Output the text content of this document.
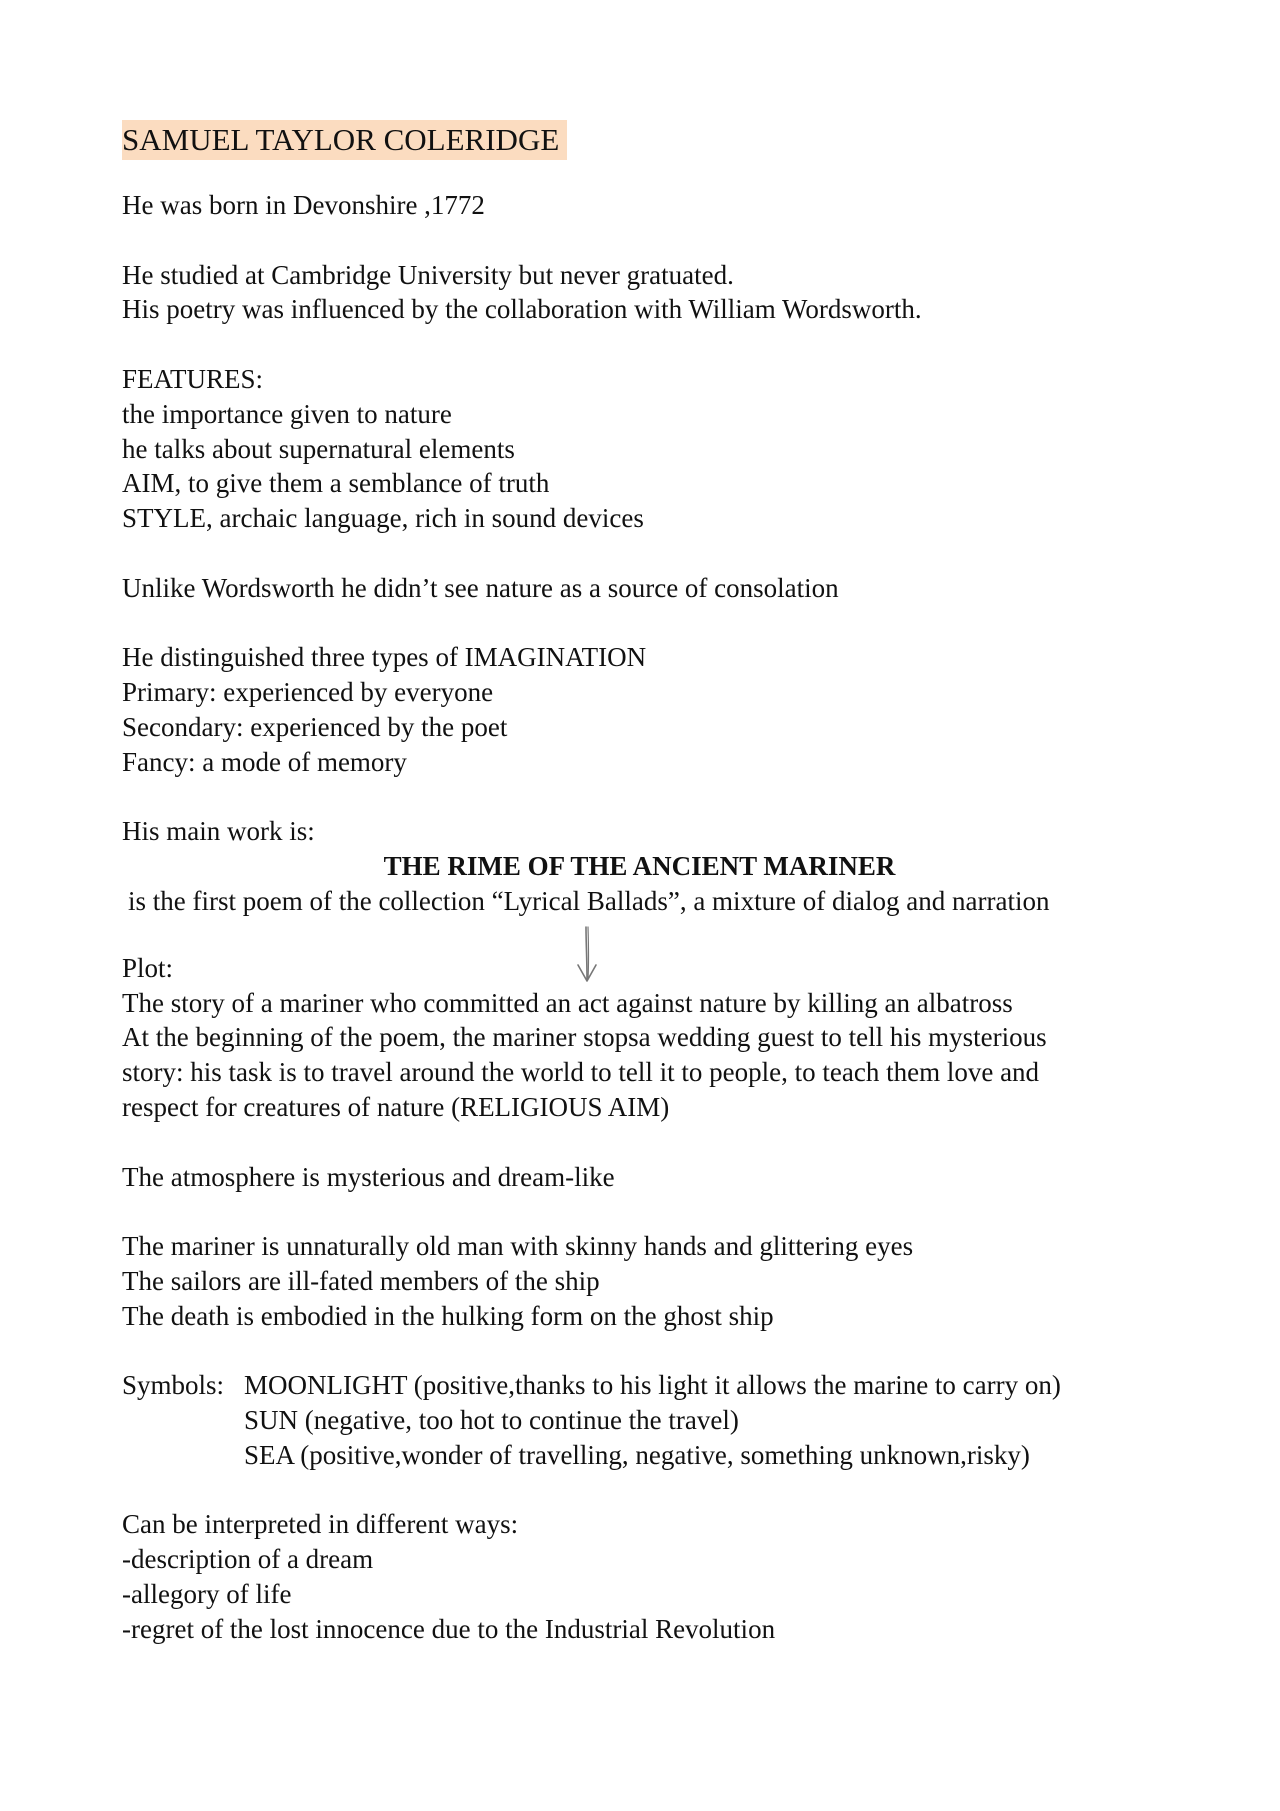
SAMUEL TAYLOR COLERIDGE
He was born in Devonshire ,1772
He studied at Cambridge University but never gratuated.
His poetry was influenced by the collaboration with William Wordsworth.
FEATURES:
the importance given to nature
he talks about supernatural elements
AIM, to give them a semblance of truth
STYLE, archaic language, rich in sound devices
Unlike Wordsworth he didn’t see nature as a source of consolation
He distinguished three types of IMAGINATION
Primary: experienced by everyone
Secondary: experienced by the poet
Fancy: a mode of memory
His main work is:
THE RIME OF THE ANCIENT MARINER
is the first poem of the collection “Lyrical Ballads”, a mixture of dialog and narration
Plot:
The story of a mariner who committed an act against nature by killing an albatross
At the beginning of the poem, the mariner stopsa wedding guest to tell his mysterious
story: his task is to travel around the world to tell it to people, to teach them love and
respect for creatures of nature (RELIGIOUS AIM)
The atmosphere is mysterious and dream-like
The mariner is unnaturally old man with skinny hands and glittering eyes
The sailors are ill-fated members of the ship
The death is embodied in the hulking form on the ghost ship
Symbols: MOONLIGHT (positive,thanks to his light it allows the marine to carry on)
SUN (negative, too hot to continue the travel)
SEA (positive,wonder of travelling, negative, something unknown,risky)
Can be interpreted in different ways:
-description of a dream
-allegory of life
-regret of the lost innocence due to the Industrial Revolution
